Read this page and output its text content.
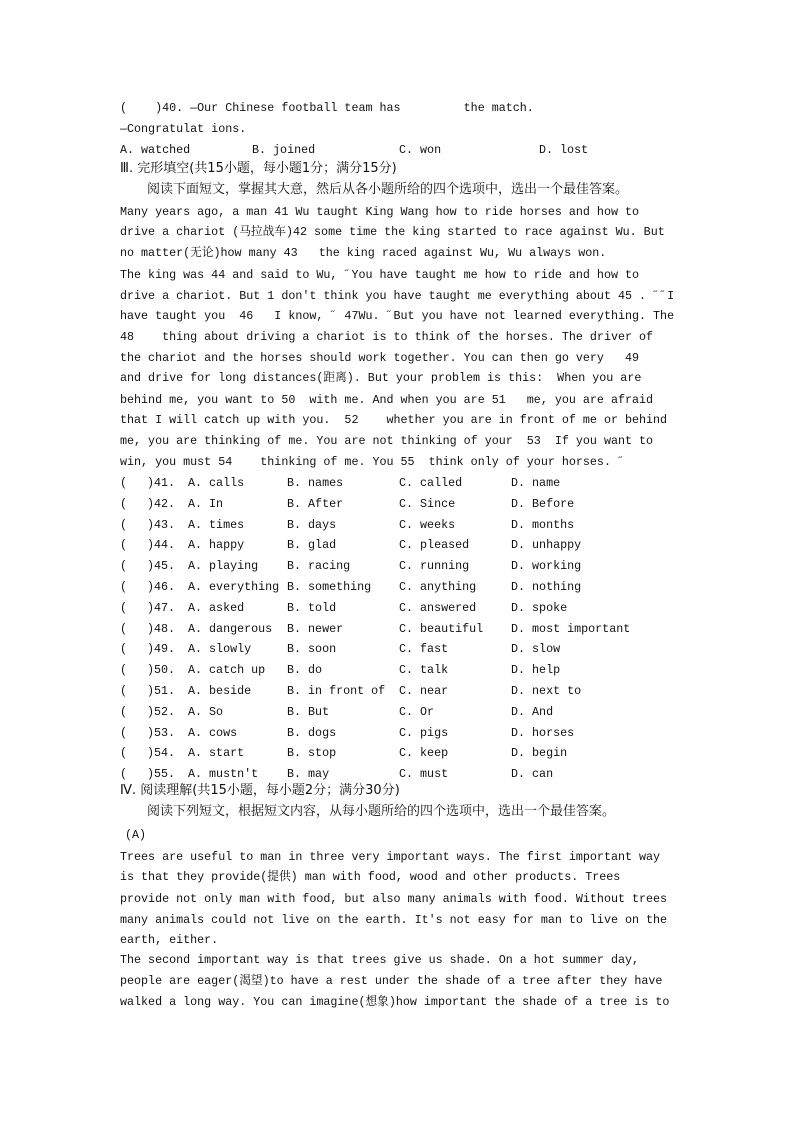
(    )40. —Our Chinese football team has         the match.
—Congratulat ions.
A. watched	B. joined	C. won	D. lost
Ⅲ. 完形填空(共15小题，每小题1分；满分15分)
阅读下面短文，掌握其大意，然后从各小题所给的四个选项中，选出一个最佳答案。
Many years ago, a man 41 Wu taught King Wang how to ride horses and how to
drive a chariot (马拉战车)42 some time the king started to race against Wu. But
no matter(无论)how many 43   the king raced against Wu, Wu always won.
The king was 44 and said to Wu, ˝You have taught me how to ride and how to
drive a chariot. But 1 don't think you have taught me everything about 45 . ˝˝I
have taught you  46   I know, ˝ 47Wu. ˝But you have not learned everything. The
48    thing about driving a chariot is to think of the horses. The driver of
the chariot and the horses should work together. You can then go very   49
and drive for long distances(距离). But your problem is this:  When you are
behind me, you want to 50  with me. And when you are 51   me, you are afraid
that I will catch up with you.  52    whether you are in front of me or behind
me, you are thinking of me. You are not thinking of your  53  If you want to
win, you must 54    thinking of me. You 55  think only of your horses. ˝
( )41. A. calls	B. names	C. called	D. name
( )42. A. In	B. After	C. Since	D. Before
( )43. A. times	B. days	C. weeks	D. months
( )44. A. happy	B. glad	C. pleased	D. unhappy
( )45. A. playing B. racing	C. running	D. working
( )46. A. everything B. something C. anything	D. nothing
( )47. A. asked	B. told	C. answered	D. spoke
( )48. A. dangerous B. newer	C. beautiful D. most important
( )49. A. slowly	B. soon	C. fast	D. slow
( )50. A. catch up B. do	C. talk	D. help
( )51. A. beside	B. in front of C. near	D. next to
( )52. A. So	B. But	C. Or	D. And
( )53. A. cows	B. dogs	C. pigs	D. horses
( )54. A. start	B. stop	C. keep	D. begin
( )55. A. mustn't B. may	C. must	D. can
Ⅳ. 阅读理解(共15小题，每小题2分；满分30分)
阅读下列短文，根据短文内容，从每小题所给的四个选项中，选出一个最佳答案。
(A)
Trees are useful to man in three very important ways. The first important way
is that they provide(提供) man with food, wood and other products. Trees
provide not only man with food, but also many animals with food. Without trees
many animals could not live on the earth. It's not easy for man to live on the
earth, either.
The second important way is that trees give us shade. On a hot summer day,
people are eager(渴望)to have a rest under the shade of a tree after they have
walked a long way. You can imagine(想象)how important the shade of a tree is to
